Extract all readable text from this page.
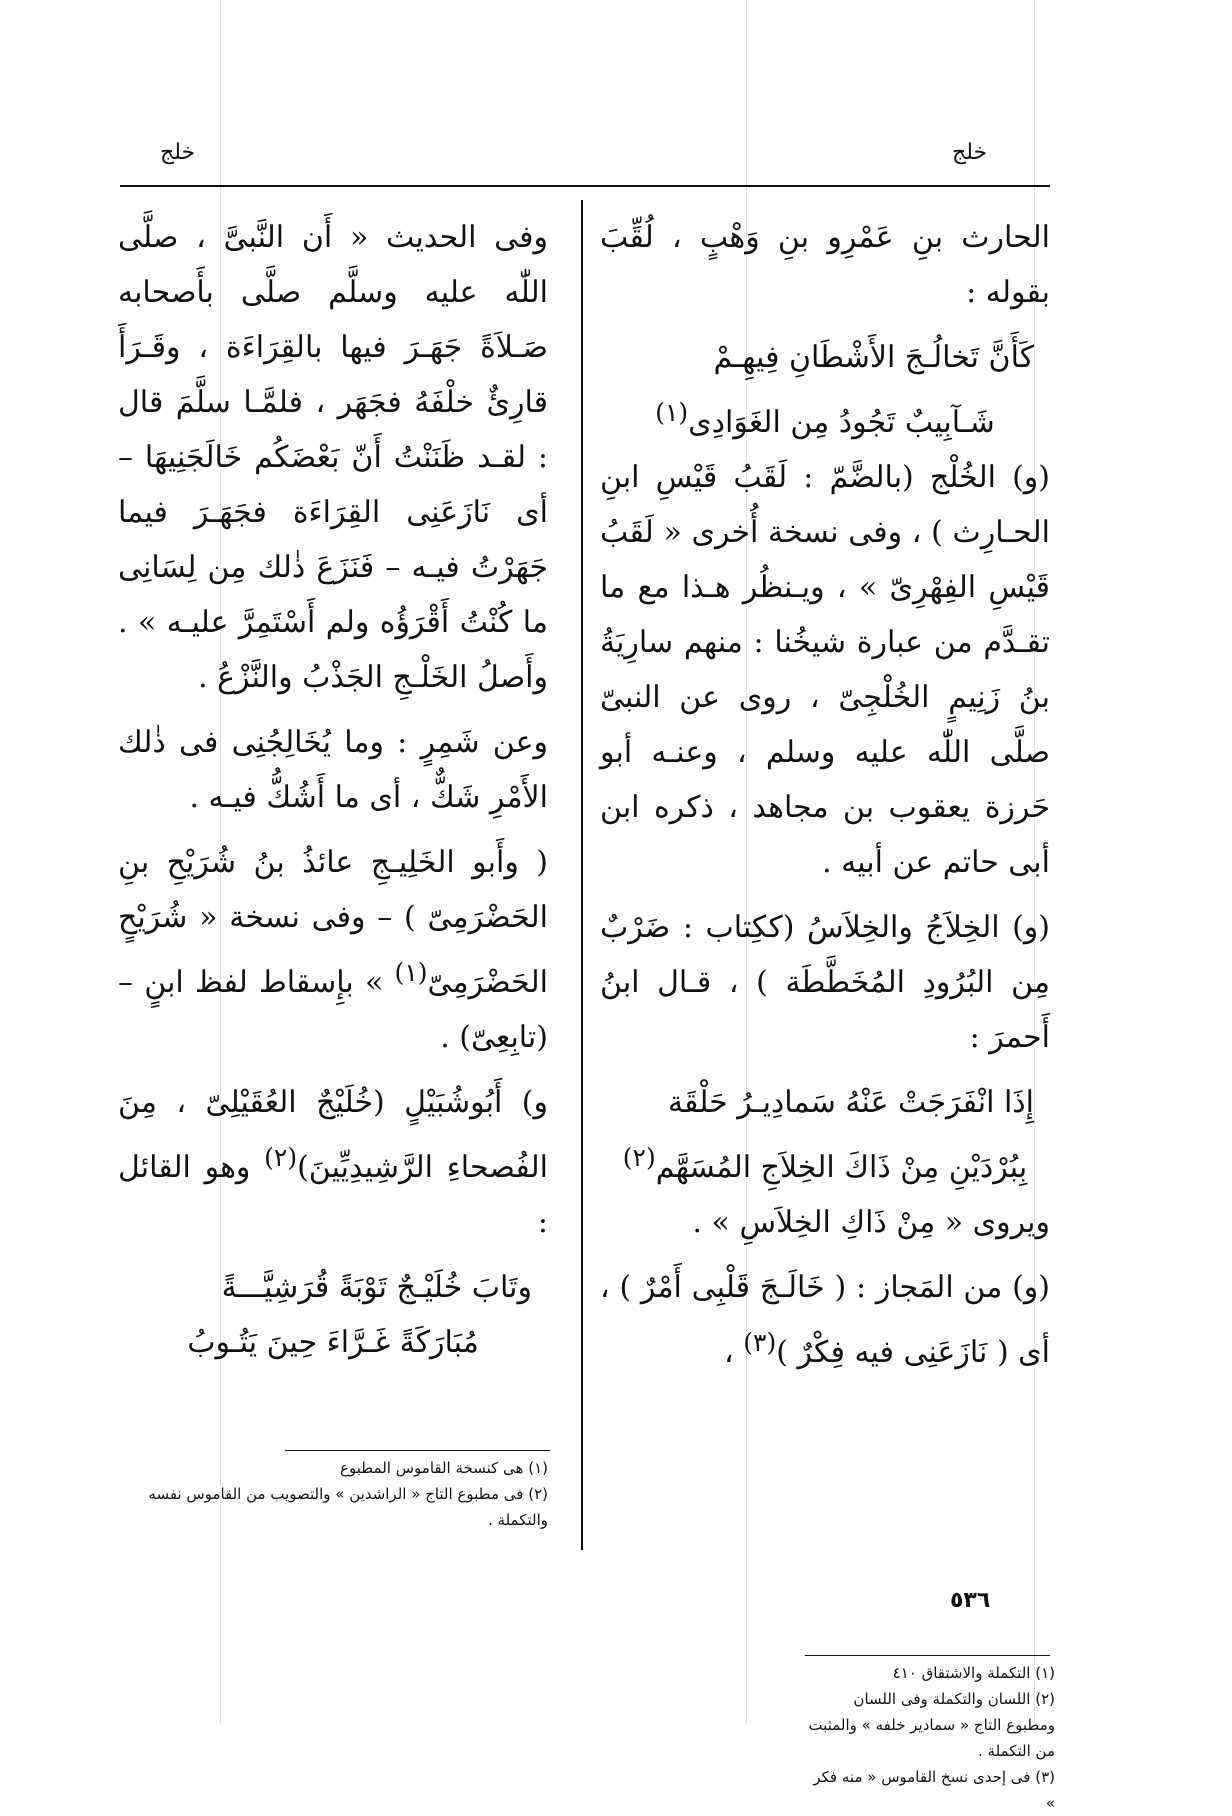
خلج	خلج

الحارث بنِ عَمْرِو بنِ وَهْبٍ ، لُقِّبَ بقوله :

كَأَنَّ تَخالُـجَ الأَشْطَانِ فِيهِـمْ
شَـآبِيبٌ تَجُودُ مِن الغَوَادِى$^{(١)}$

(و) الخُلْج (بالضَّمّ : لَقَبُ قَيْسِ ابنِ الحـارِث ) ، وفى نسخة أُخرى « لَقَبُ قَيْسِ الفِهْرِىّ » ، ويـنظُر هـذا مع ما تقـدَّم من عبارة شيخُنا : منهم سارِيَةُ بنُ زَنِيمٍ الخُلْجِىّ ، روى عن النبىّ صلَّى اللّٰه عليه وسلم ، وعنـه أبو حَرزة يعقوب بن مجاهد ، ذكره ابن أبى حاتم عن أبيه .

(و) الخِلاَجُ والخِلاَسُ (ككِتاب : ضَرْبٌ مِن البُرُودِ المُخَطَّطَة ) ، قـال ابنُ أَحمرَ :

إِذَا انْفَرَجَتْ عَنْهُ سَمادِيـرُ حَلْقَة
بِبُرْدَيْنِ مِنْ ذَاكَ الخِلاَجِ المُسَهَّم$^{(٢)}$

ويروى « مِنْ ذَاكِ الخِلاَسِ » .

(و) من المَجاز : ( خَالَـجَ قَلْبِى أَمْرٌ ) ، أى ( نَازَعَنِى فيه فِكْرٌ )$^{(٣)}$ ،

وفى الحديث « أَن النَّبىَّ ، صلَّى اللّٰه عليه وسلَّم صلَّى بأَصحابه صَـلاَةً جَهَـرَ فيها بالقِرَاءَة ، وقَـرَأَ قارِئٌ خلْفَهُ فجَهَر ، فلمَّـا سلَّمَ قال : لقـد ظَنَنْتُ أَنّ بَعْضَكُم خَالَجَنِيهَا – أى نَازَعَنِى القِرَاءَة فجَهَـرَ فيما جَهَرْتُ فيـه – فَنَزَعَ ذٰلك مِن لِسَانِى ما كُنْتُ أَقْرَؤُه ولم أَسْتَمِرَّ عليـه » . وأَصلُ الخَلْـجِ الجَذْبُ والنَّزْعُ .

وعن شَمِرٍ : وما يُخَالِجُنِى فى ذٰلك الأَمْرِ شَكٌّ ، أى ما أَشُكُّ فيـه .

( وأَبو الخَلِيـجِ عائذُ بنُ شُرَيْحِ بنِ الحَضْرَمِىّ ) – وفى نسخة « شُرَيْحٍ الحَضْرَمِىّ$^{(١)}$ » بإِسقاط لفظ ابنٍ – (تابِعِىّ) .

و) أَبُوشُبَيْلٍ (خُلَيْجٌ العُقَيْلِىّ ، مِنَ الفُصحاءِ الرَّشِيدِيِّينَ)$^{(٢)}$ وهو القائل :

وتَابَ خُلَيْـجٌ تَوْبَةً قُرَشِيَّـــةً
مُبَارَكَةً غَـرَّاءَ حِينَ يَتُـوبُ
(١) التكملة والاشتقاق ٤١٠
(٢) اللسان والتكملة وفى اللسان ومطبوع التاج « سمادير خلفه » والمثبت من التكملة .
(٣) فى إحدى نسخ القاموس « منه فكر »
(١) هى كنسخة القاموس المطبوع
(٢) فى مطبوع التاج « الراشدين » والتصويب من القاموس نفسه والتكملة .
٥٣٦
